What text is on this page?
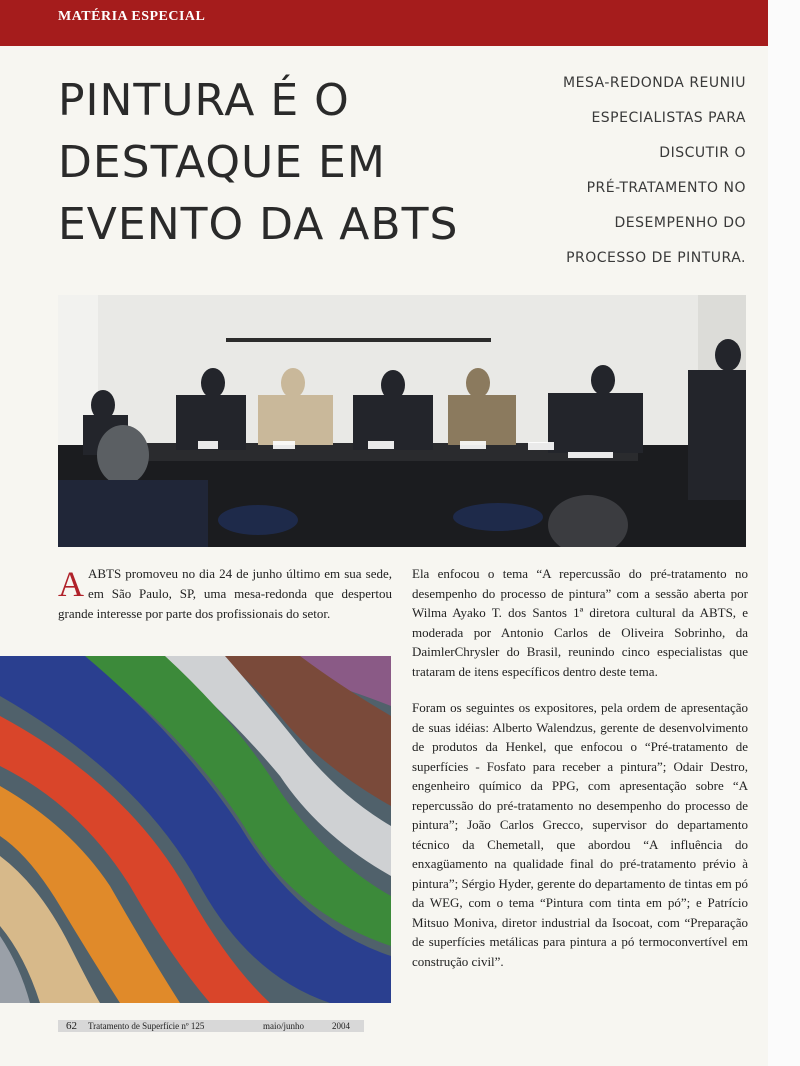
MATÉRIA ESPECIAL
PINTURA É O
DESTAQUE EM
EVENTO DA ABTS
MESA-REDONDA REUNIU
ESPECIALISTAS PARA
DISCUTIR O
PRÉ-TRATAMENTO NO
DESEMPENHO DO
PROCESSO DE PINTURA.
AABTS promoveu no dia 24 de junho último em sua sede, em São Paulo, SP, uma mesa-redonda que despertou grande interesse por parte dos profissionais do setor.

Ela enfocou o tema “A repercussão do pré-tratamento no desempenho do processo de pintura” com a sessão aberta por Wilma Ayako T. dos Santos 1ª diretora cultural da ABTS, e moderada por Antonio Carlos de Oliveira Sobrinho, da DaimlerChrysler do Brasil, reunindo cinco especialistas que trataram de itens específicos dentro deste tema.

Foram os seguintes os expositores, pela ordem de apresentação de suas idéias: Alberto Walendzus, gerente de desenvolvimento de produtos da Henkel, que enfocou o “Pré-tratamento de superfícies - Fosfato para receber a pintura”; Odair Destro, engenheiro químico da PPG, com apresentação sobre “A repercussão do pré-tratamento no desempenho do processo de pintura”; João Carlos Grecco, supervisor do departamento técnico da Chemetall, que abordou “A influência do enxagüamento na qualidade final do pré-tratamento prévio à pintura”; Sérgio Hyder, gerente do departamento de tintas em pó da WEG, com o tema “Pintura com tinta em pó”; e Patrício Mitsuo Moniva, diretor industrial da Isocoat, com “Preparação de superfícies metálicas para pintura a pó termoconvertível em construção civil”.

62 Tratamento de Superfície nº 125	maio/junho	2004
